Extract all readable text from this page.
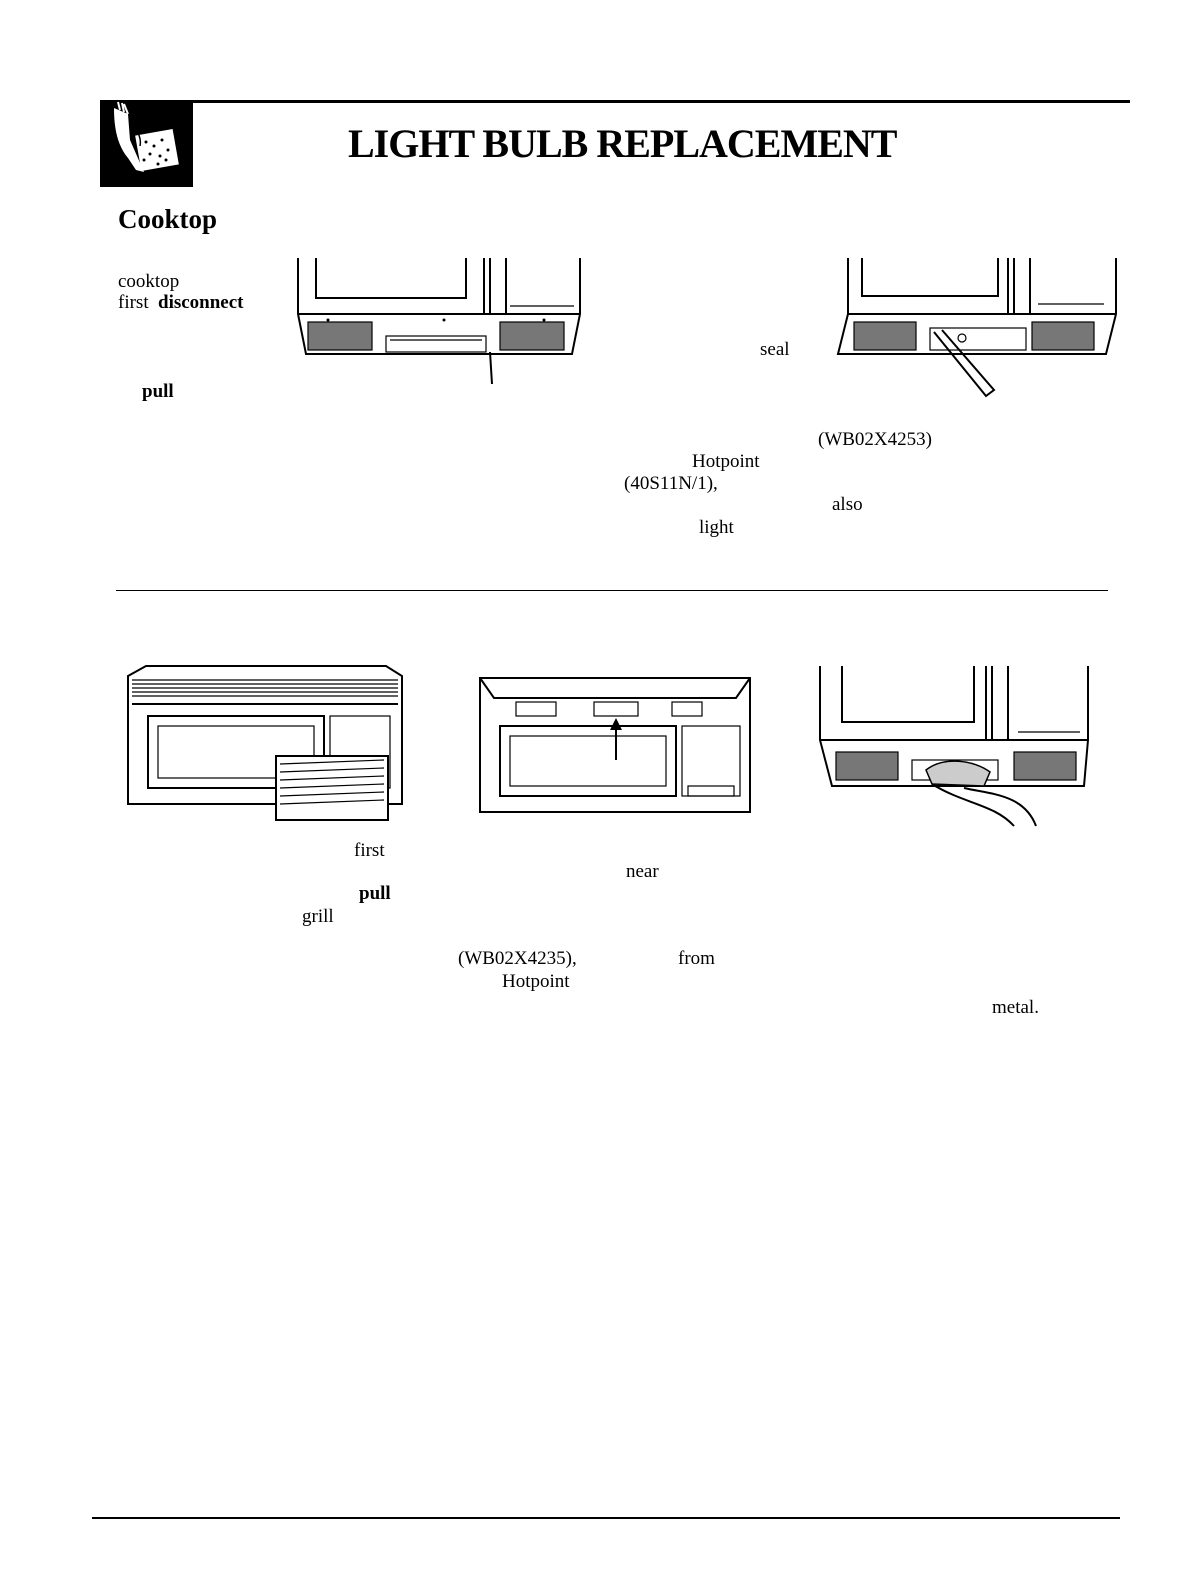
LIGHT BULB REPLACEMENT
Cooktop
cooktop
first disconnect
pull
seal
(WB02X4253)
Hotpoint
(40S11N/1),
also
light
first
near
pull
grill
(WB02X4235),	from
Hotpoint
metal.
